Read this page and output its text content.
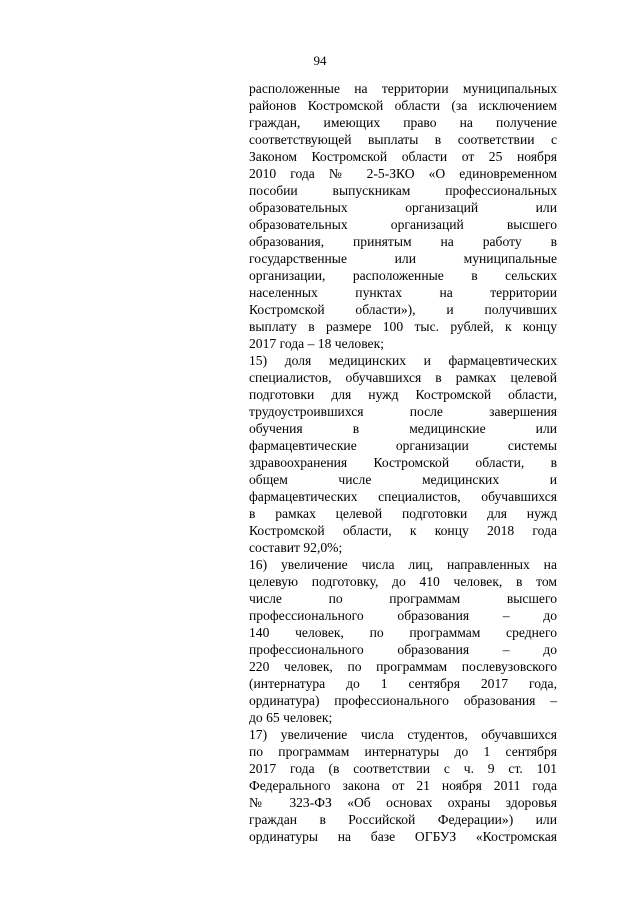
94
расположенные на территории муниципальных
районов Костромской области (за исключением
граждан, имеющих право на получение
соответствующей выплаты в соответствии с
Законом Костромской области от 25 ноября
2010 года № 2-5-ЗКО «О единовременном
пособии выпускникам профессиональных
образовательных организаций или
образовательных организаций высшего
образования, принятым на работу в
государственные или муниципальные
организации, расположенные в сельских
населенных пунктах на территории
Костромской области»), и получивших
выплату в размере 100 тыс. рублей, к концу
2017 года – 18 человек;
15) доля медицинских и фармацевтических
специалистов, обучавшихся в рамках целевой
подготовки для нужд Костромской области,
трудоустроившихся после завершения
обучения в медицинские или
фармацевтические организации системы
здравоохранения Костромской области, в
общем числе медицинских и
фармацевтических специалистов, обучавшихся
в рамках целевой подготовки для нужд
Костромской области, к концу 2018 года
составит 92,0%;
16) увеличение числа лиц, направленных на
целевую подготовку, до 410 человек, в том
числе по программам высшего
профессионального образования – до
140 человек, по программам среднего
профессионального образования – до
220 человек, по программам послевузовского
(интернатура до 1 сентября 2017 года,
ординатура) профессионального образования –
до 65 человек;
17) увеличение числа студентов, обучавшихся
по программам интернатуры до 1 сентября
2017 года (в соответствии с ч. 9 ст. 101
Федерального закона от 21 ноября 2011 года
№ 323-ФЗ «Об основах охраны здоровья
граждан в Российской Федерации») или
ординатуры на базе ОГБУЗ «Костромская
